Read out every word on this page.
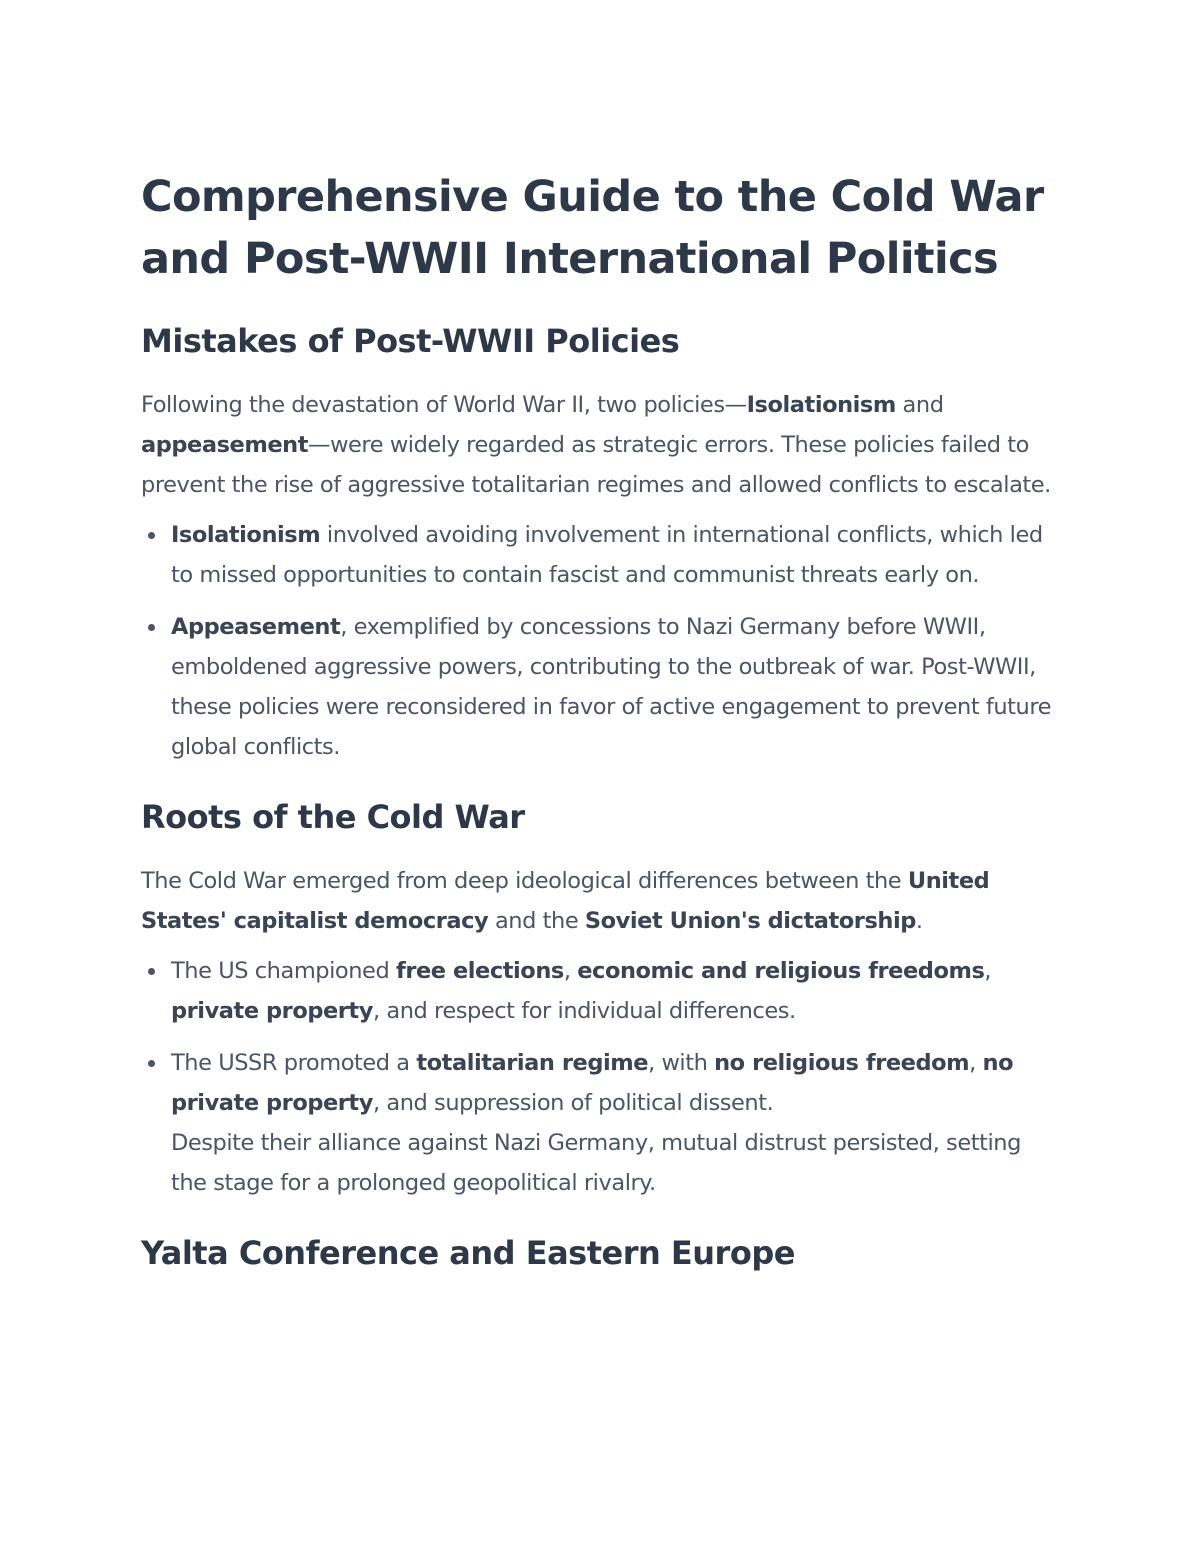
Comprehensive Guide to the Cold War and Post-WWII International Politics
Mistakes of Post-WWII Policies

Following the devastation of World War II, two policies—Isolationism and appeasement—were widely regarded as strategic errors. These policies failed to prevent the rise of aggressive totalitarian regimes and allowed conflicts to escalate.

Isolationism involved avoiding involvement in international conflicts, which led to missed opportunities to contain fascist and communist threats early on.
Appeasement, exemplified by concessions to Nazi Germany before WWII, emboldened aggressive powers, contributing to the outbreak of war. Post-WWII, these policies were reconsidered in favor of active engagement to prevent future global conflicts.
Roots of the Cold War

The Cold War emerged from deep ideological differences between the United States' capitalist democracy and the Soviet Union's dictatorship.

The US championed free elections, economic and religious freedoms, private property, and respect for individual differences.
The USSR promoted a totalitarian regime, with no religious freedom, no private property, and suppression of political dissent.
Despite their alliance against Nazi Germany, mutual distrust persisted, setting the stage for a prolonged geopolitical rivalry.
Yalta Conference and Eastern Europe
